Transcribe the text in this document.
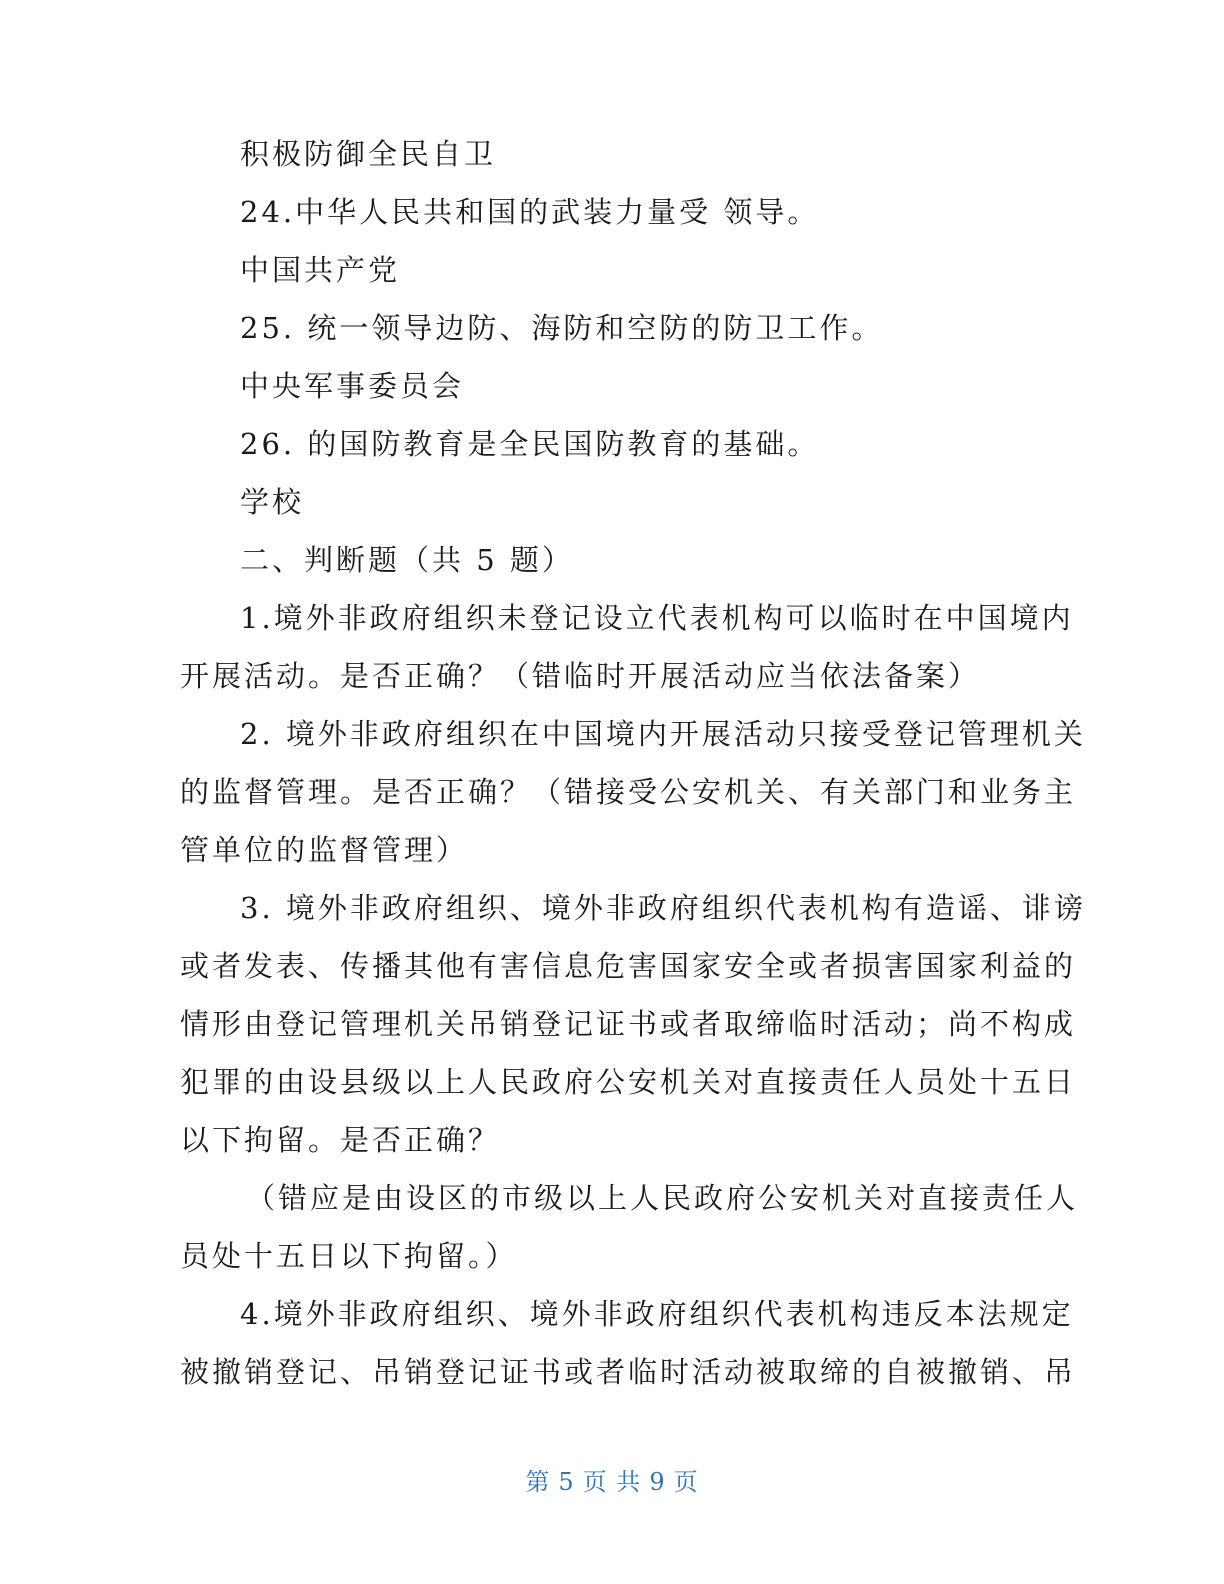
积极防御全民自卫
24.中华人民共和国的武装力量受 领导。
中国共产党
25. 统一领导边防、海防和空防的防卫工作。
中央军事委员会
26. 的国防教育是全民国防教育的基础。
学校
二、判断题（共 5 题）
1.境外非政府组织未登记设立代表机构可以临时在中国境内
开展活动。是否正确？（错临时开展活动应当依法备案）
2. 境外非政府组织在中国境内开展活动只接受登记管理机关
的监督管理。是否正确？（错接受公安机关、有关部门和业务主
管单位的监督管理）
3. 境外非政府组织、境外非政府组织代表机构有造谣、诽谤
或者发表、传播其他有害信息危害国家安全或者损害国家利益的
情形由登记管理机关吊销登记证书或者取缔临时活动；尚不构成
犯罪的由设县级以上人民政府公安机关对直接责任人员处十五日
以下拘留。是否正确？
（错应是由设区的市级以上人民政府公安机关对直接责任人
员处十五日以下拘留。）
4.境外非政府组织、境外非政府组织代表机构违反本法规定
被撤销登记、吊销登记证书或者临时活动被取缔的自被撤销、吊
第 5 页 共 9 页
